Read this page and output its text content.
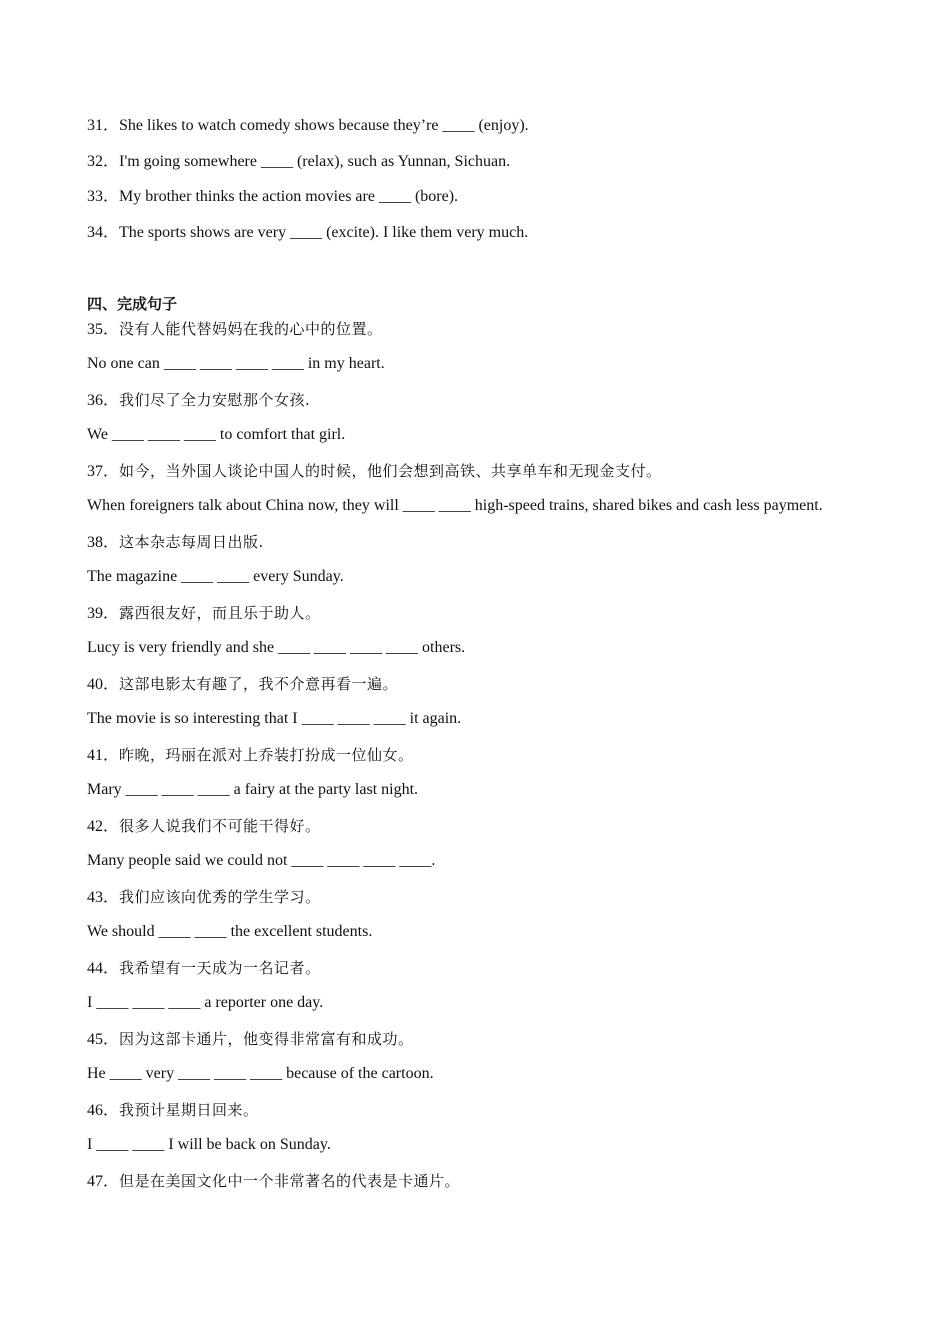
31．She likes to watch comedy shows because they’re ____ (enjoy).
32．I'm going somewhere ____ (relax), such as Yunnan, Sichuan.
33．My brother thinks the action movies are ____ (bore).
34．The sports shows are very ____ (excite). I like them very much.
四、完成句子
35．没有人能代替妈妈在我的心中的位置。
No one can ____ ____ ____ ____ in my heart.
36．我们尽了全力安慰那个女孩.
We ____ ____ ____ to comfort that girl.
37．如今，当外国人谈论中国人的时候，他们会想到高铁、共享单车和无现金支付。
When foreigners talk about China now, they will ____ ____ high-speed trains, shared bikes and cash less payment.
38．这本杂志每周日出版.
The magazine ____ ____ every Sunday.
39．露西很友好，而且乐于助人。
Lucy is very friendly and she ____ ____ ____ ____ others.
40．这部电影太有趣了，我不介意再看一遍。
The movie is so interesting that I ____ ____ ____ it again.
41．昨晚，玛丽在派对上乔装打扮成一位仙女。
Mary ____ ____ ____ a fairy at the party last night.
42．很多人说我们不可能干得好。
Many people said we could not ____ ____ ____ ____.
43．我们应该向优秀的学生学习。
We should ____ ____ the excellent students.
44．我希望有一天成为一名记者。
I ____ ____ ____ a reporter one day.
45．因为这部卡通片，他变得非常富有和成功。
He ____ very ____ ____ ____ because of the cartoon.
46．我预计星期日回来。
I ____ ____ I will be back on Sunday.
47．但是在美国文化中一个非常著名的代表是卡通片。
